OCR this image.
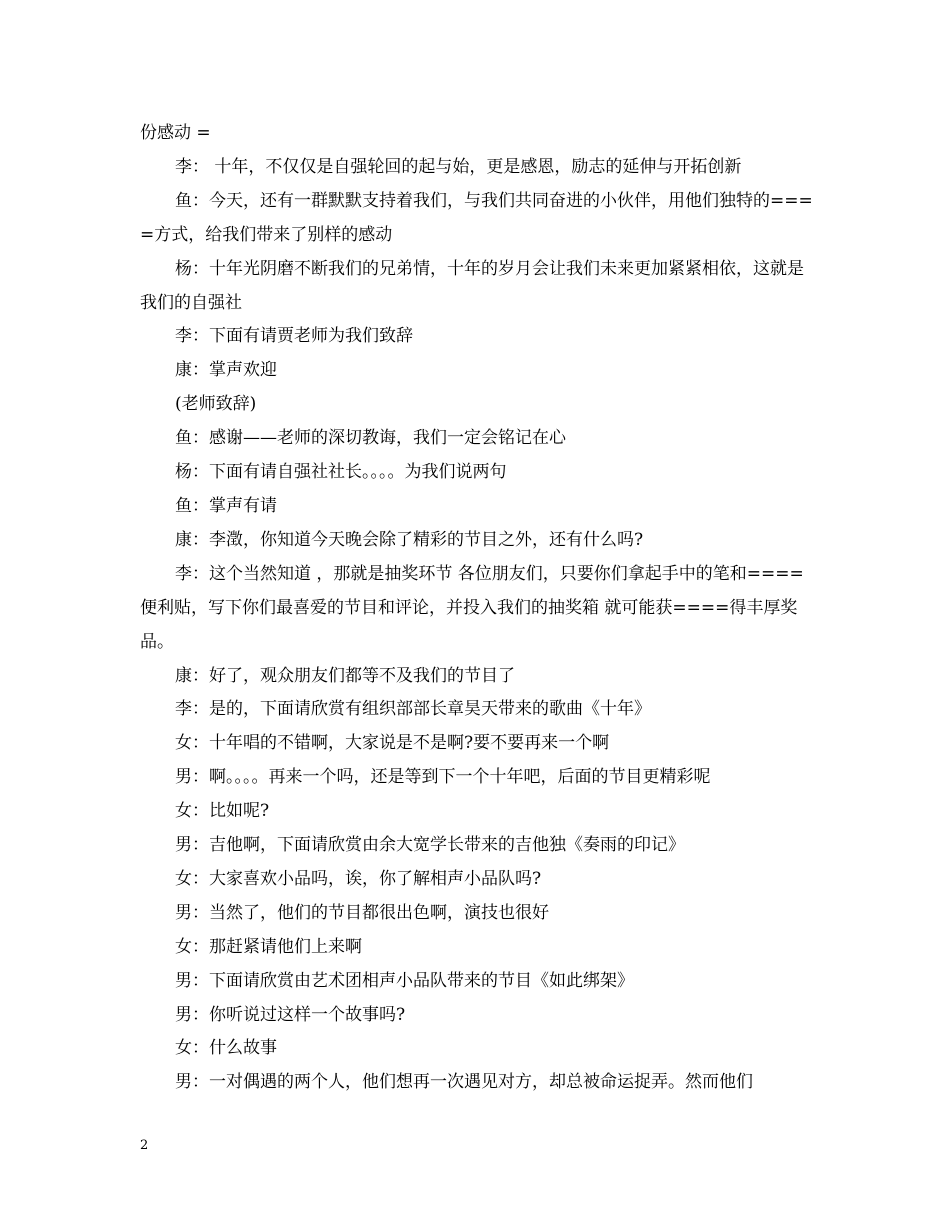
份感动 =

李： 十年，不仅仅是自强轮回的起与始，更是感恩，励志的延伸与开拓创新

鱼：今天，还有一群默默支持着我们，与我们共同奋进的小伙伴，用他们独特的====方式，给我们带来了别样的感动

杨：十年光阴磨不断我们的兄弟情，十年的岁月会让我们未来更加紧紧相依，这就是我们的自强社

李：下面有请贾老师为我们致辞

康：掌声欢迎

(老师致辞)

鱼：感谢——老师的深切教诲，我们一定会铭记在心

杨：下面有请自强社社长。。。。为我们说两句

鱼：掌声有请

康：李澂，你知道今天晚会除了精彩的节目之外，还有什么吗?

李：这个当然知道 ，那就是抽奖环节 各位朋友们，只要你们拿起手中的笔和====便利贴，写下你们最喜爱的节目和评论，并投入我们的抽奖箱 就可能获====得丰厚奖品。

康：好了，观众朋友们都等不及我们的节目了

李：是的，下面请欣赏有组织部部长章昊天带来的歌曲《十年》

女：十年唱的不错啊，大家说是不是啊?要不要再来一个啊

男：啊。。。。再来一个吗，还是等到下一个十年吧，后面的节目更精彩呢

女：比如呢?

男：吉他啊，下面请欣赏由余大宽学长带来的吉他独《奏雨的印记》

女：大家喜欢小品吗，诶，你了解相声小品队吗?

男：当然了，他们的节目都很出色啊，演技也很好

女：那赶紧请他们上来啊

男：下面请欣赏由艺术团相声小品队带来的节目《如此绑架》

男：你听说过这样一个故事吗?

女：什么故事

男：一对偶遇的两个人，他们想再一次遇见对方，却总被命运捉弄。然而他们

2
